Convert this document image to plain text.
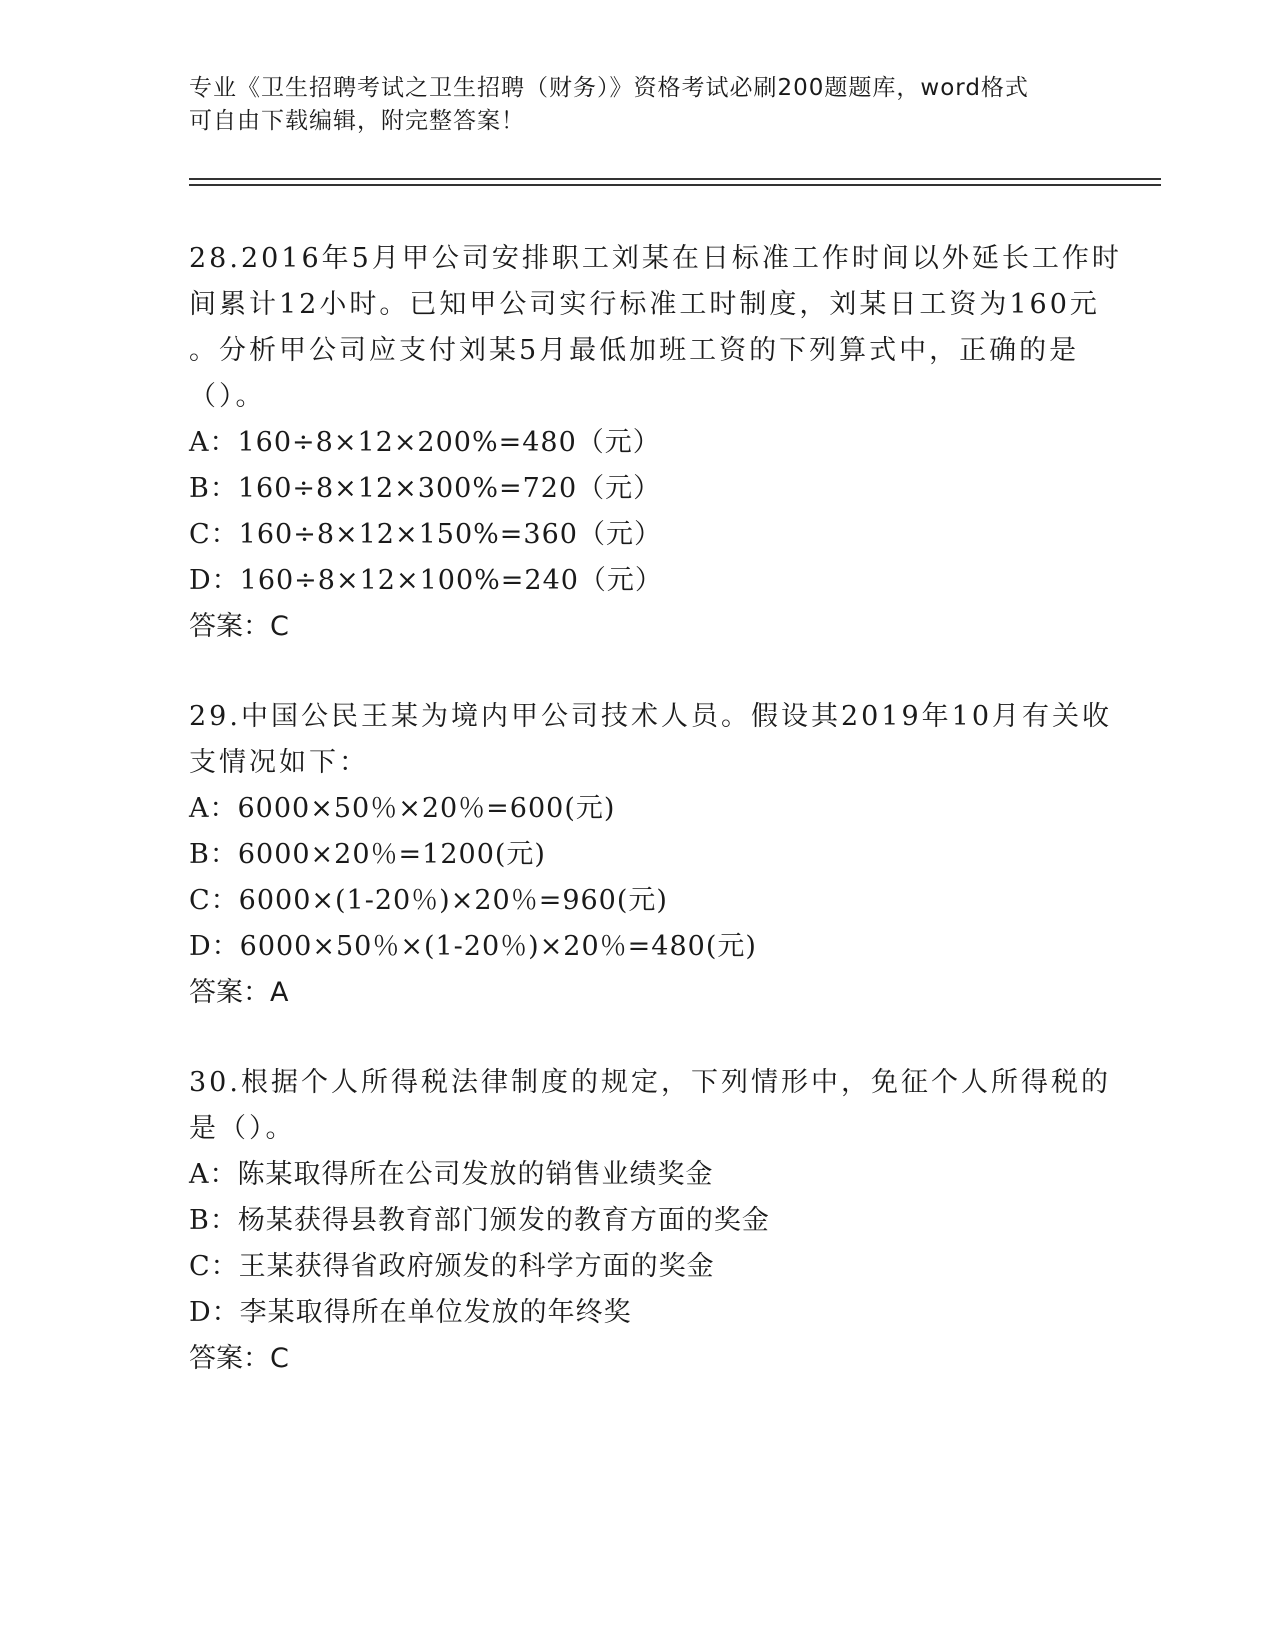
专业《卫生招聘考试之卫生招聘（财务）》资格考试必刷200题题库，word格式
可自由下载编辑，附完整答案！
28.2016年5月甲公司安排职工刘某在日标准工作时间以外延长工作时
间累计12小时。已知甲公司实行标准工时制度，刘某日工资为160元
。分析甲公司应支付刘某5月最低加班工资的下列算式中，正确的是
（）。
A：160÷8×12×200%=480（元）
B：160÷8×12×300%=720（元）
C：160÷8×12×150%=360（元）
D：160÷8×12×100%=240（元）
答案：C
29.中国公民王某为境内甲公司技术人员。假设其2019年10月有关收
支情况如下：
A：6000×50％×20％=600(元)
B：6000×20％=1200(元)
C：6000×(1-20％)×20％=960(元)
D：6000×50％×(1-20％)×20％=480(元)
答案：A
30.根据个人所得税法律制度的规定，下列情形中，免征个人所得税的
是（）。
A：陈某取得所在公司发放的销售业绩奖金
B：杨某获得县教育部门颁发的教育方面的奖金
C：王某获得省政府颁发的科学方面的奖金
D：李某取得所在单位发放的年终奖
答案：C
